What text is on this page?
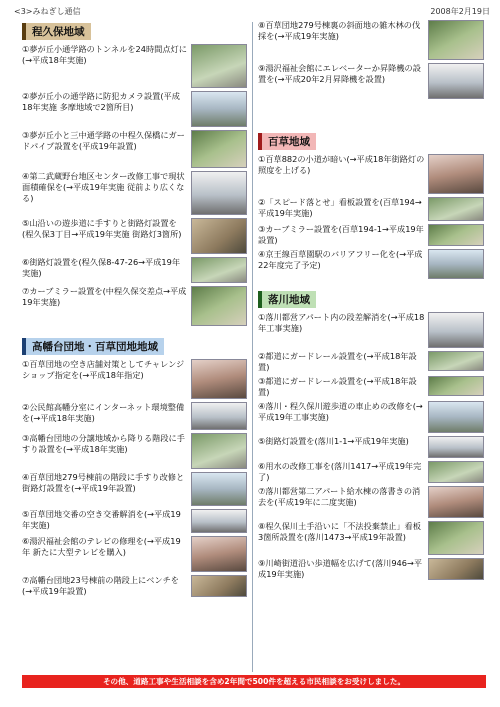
<3>みねぎし通信	2008年2月19日
程久保地域
①夢が丘小通学路のトンネルを24時間点灯に(→平成18年実施)
②夢が丘小の通学路に防犯カメラ設置(平成18年実施 多摩地域で2箇所目)
③夢が丘小と三中通学路の中程久保橋にガードパイプ設置を(平成19年設置)
④第二武蔵野台地区センター改修工事で現状面積確保を(→平成19年実施 従前より広くなる)
⑤山沿いの遊歩道に手すりと街路灯設置を(程久保3丁目→平成19年実施 街路灯3箇所)
⑥街路灯設置を(程久保8-47-26→平成19年実施)
⑦カーブミラー設置を(中程久保交差点→平成19年実施)
高幡台団地・百草団地地域
①百草団地の空き店舗対策としてチャレンジショップ指定を(→平成18年指定)
②公民館高幡分室にインターネット環境整備を(→平成18年実施)
③高幡台団地の分譲地域から降りる階段に手すり設置を(→平成18年実施)
④百草団地279号棟前の階段に手すり改修と街路灯設置を(→平成19年設置)
⑤百草団地交番の空き交番解消を(→平成19年実施)
⑥湯沢福祉会館のテレビの修理を(→平成19年 新たに大型テレビを購入)
⑦高幡台団地23号棟前の階段上にベンチを(→平成19年設置)
⑧百草団地279号棟裏の斜面地の雑木林の伐採を(→平成19年実施)
⑨湯沢福祉会館にエレベーターか昇降機の設置を(→平成20年2月昇降機を設置)
百草地域
①百草882の小道が暗い(→平成18年街路灯の照度を上げる)
②「スピード落とせ」看板設置を(百草194→平成19年実施)
③カーブミラー設置を(百草194-1→平成19年設置)
④京王線百草園駅のバリアフリー化を(→平成22年度完了予定)
落川地域
①落川都営アパート内の段差解消を(→平成18年工事実施)
②都道にガードレール設置を(→平成18年設置)
③都道にガードレール設置を(→平成18年設置)
④落川・程久保川遊歩道の車止めの改修を(→平成19年工事実施)
⑤街路灯設置を(落川1-1→平成19年実施)
⑥用水の改修工事を(落川1417→平成19年完了)
⑦落川都営第二アパート給水棟の落書きの消去を(平成19年に二度実施)
⑧程久保川土手沿いに「不法投棄禁止」看板3箇所設置を(落川1473→平成19年設置)
⑨川崎街道沿い歩道幅を広げて(落川946→平成19年実施)
その他、道路工事や生活相談を含め2年間で500件を超える市民相談をお受けしました。
